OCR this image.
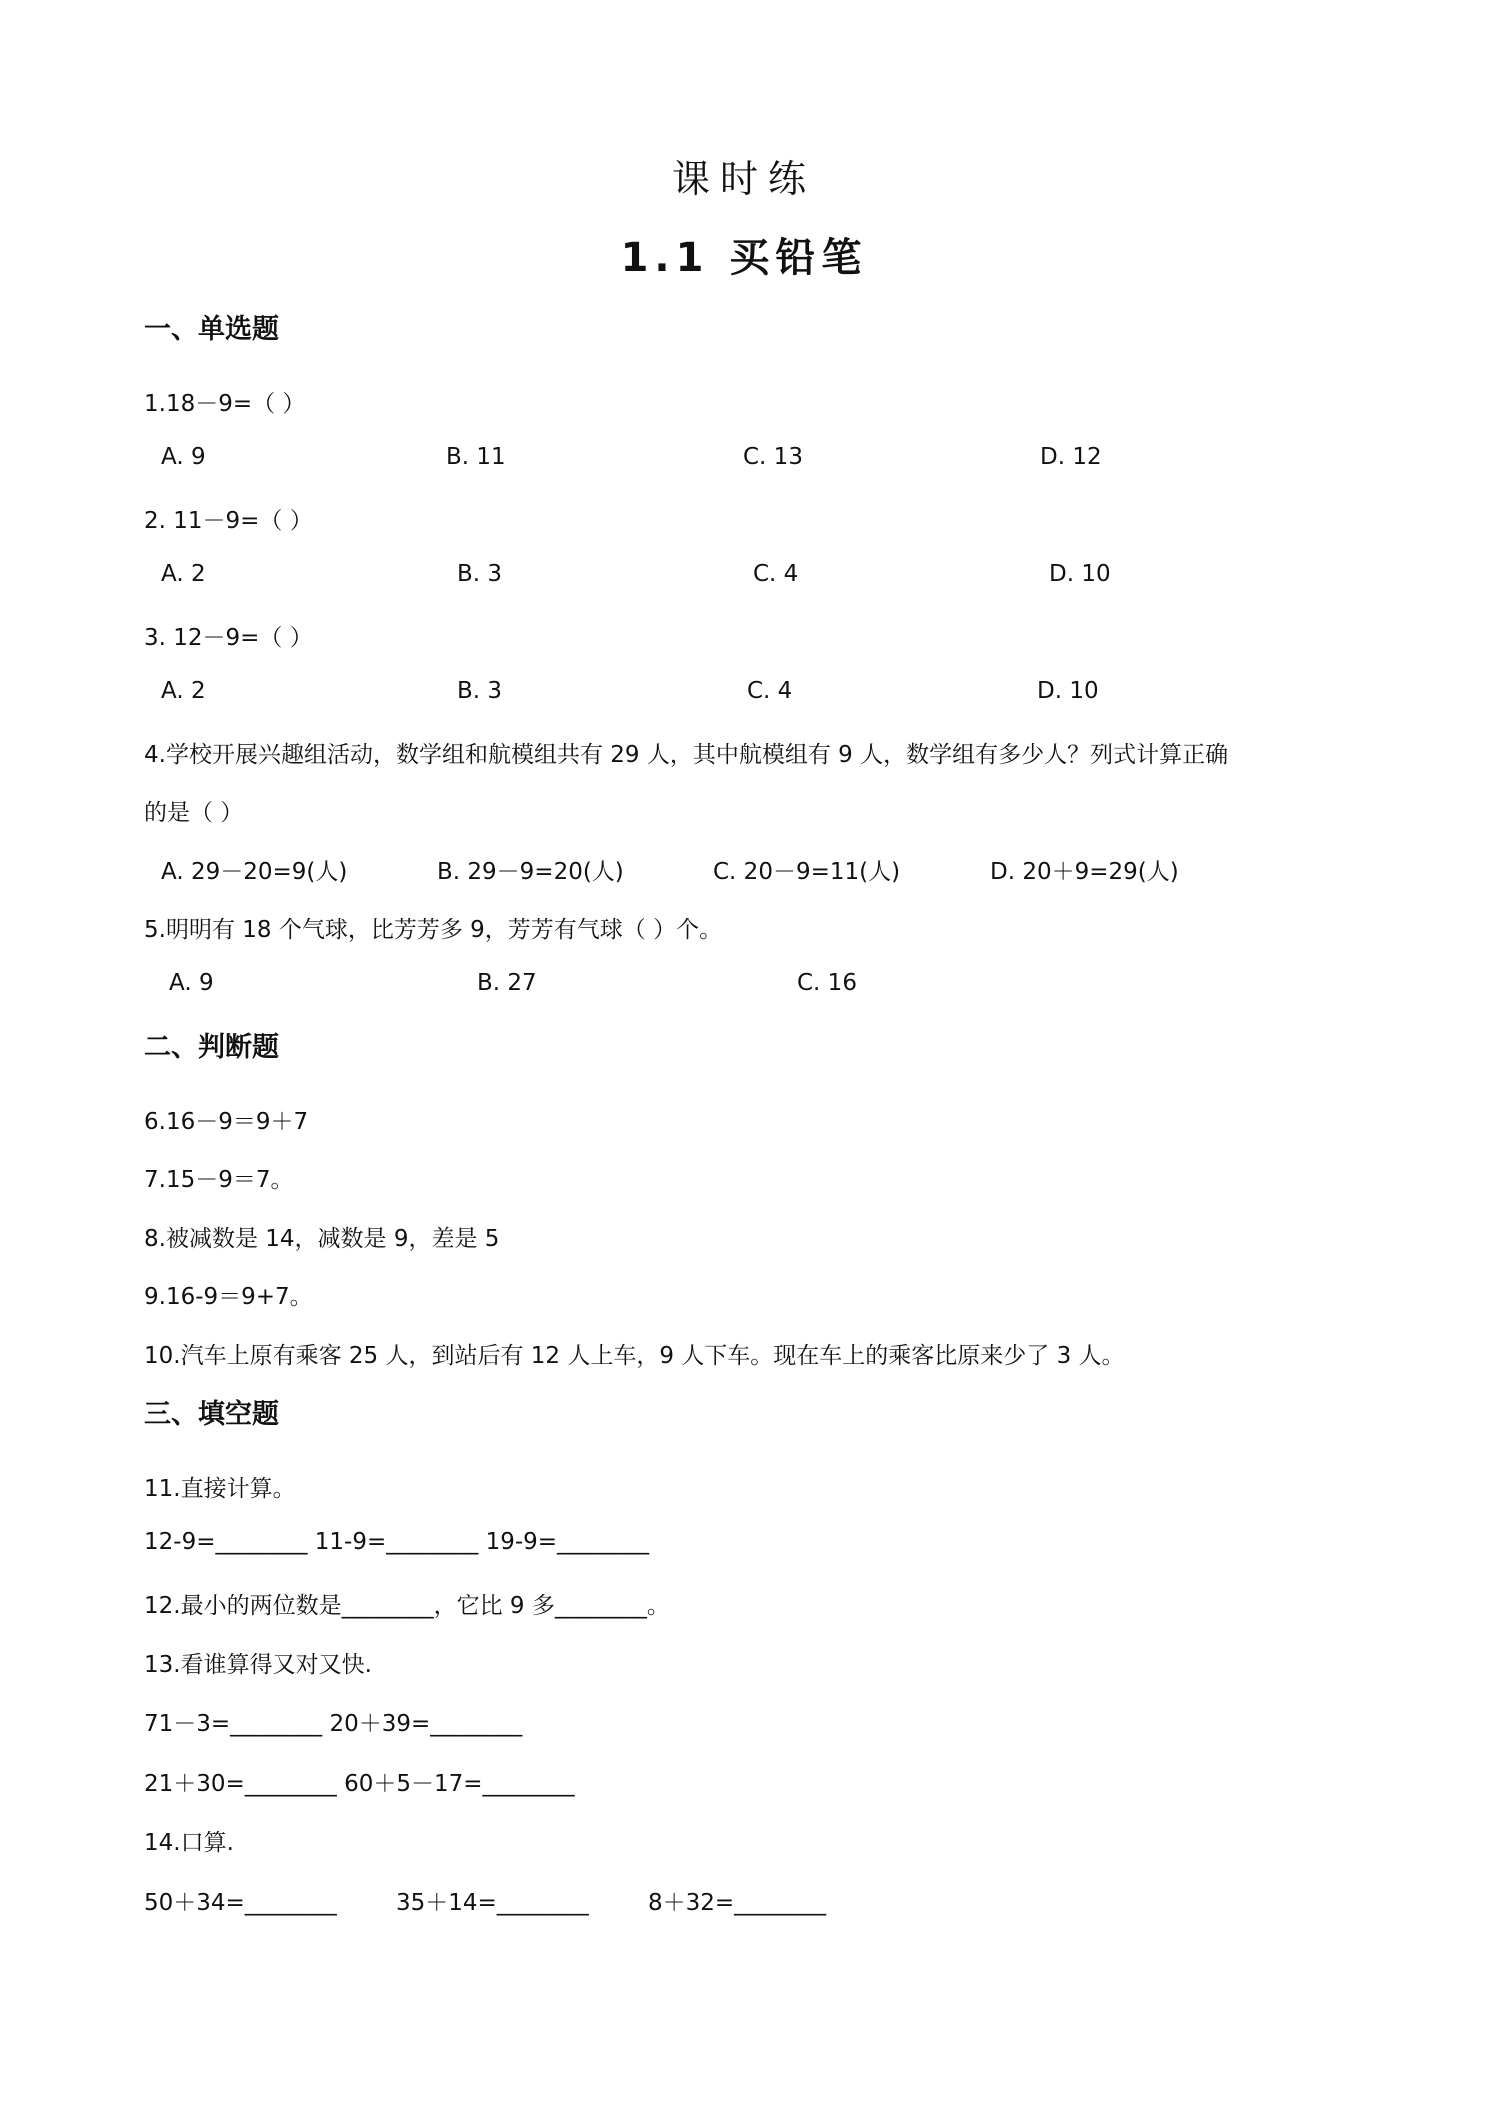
课时练
1.1 买铅笔
一、单选题
1.18－9=（ ）
A. 9	B. 11	C. 13	D. 12
2. 11－9=（ ）
A. 2	B. 3	C. 4	D. 10
3. 12－9=（ ）
A. 2	B. 3	C. 4	D. 10
4.学校开展兴趣组活动，数学组和航模组共有 29 人，其中航模组有 9 人，数学组有多少人？列式计算正确
的是（ ）
A. 29－20=9(人)	B. 29－9=20(人)	C. 20－9=11(人)	D. 20＋9=29(人)
5.明明有 18 个气球，比芳芳多 9，芳芳有气球（ ）个。
A. 9	B. 27	C. 16
二、判断题
6.16－9＝9＋7
7.15－9＝7。
8.被减数是 14，减数是 9，差是 5
9.16-9＝9+7。
10.汽车上原有乘客 25 人，到站后有 12 人上车，9 人下车。现在车上的乘客比原来少了 3 人。
三、填空题
11.直接计算。
12-9=________ 11-9=________ 19-9=________
12.最小的两位数是________，它比 9 多________。
13.看谁算得又对又快.
71－3=________ 20＋39=________
21＋30=________ 60＋5－17=________
14.口算.
50＋34=________	35＋14=________	8＋32=________
